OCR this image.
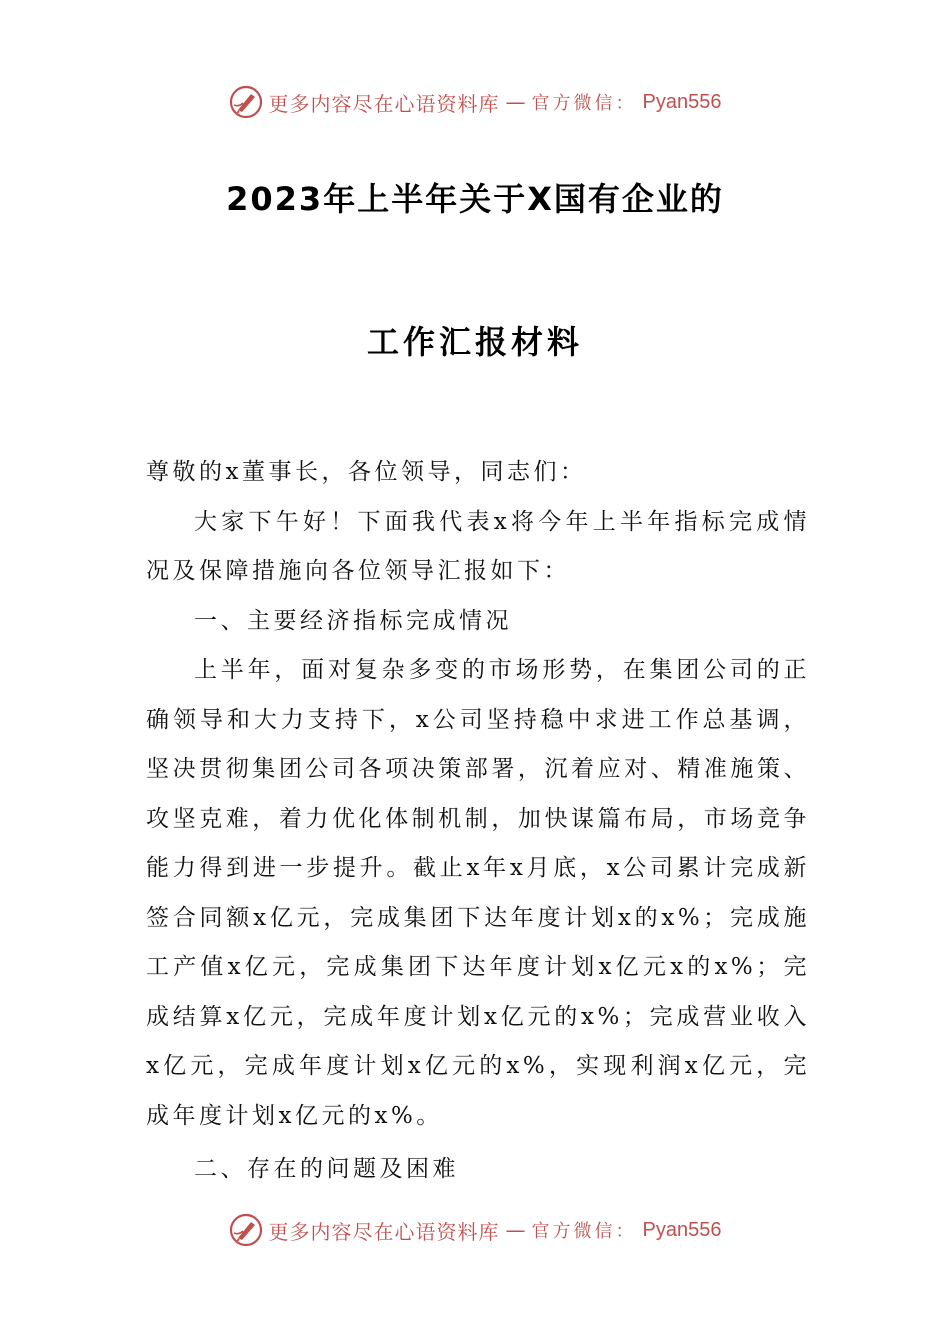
更多内容尽在心语资料库 — 官方微信： Pyan556
2023年上半年关于X国有企业的
工作汇报材料

尊敬的x董事长，各位领导，同志们：

大家下午好！下面我代表x将今年上半年指标完成情况及保障措施向各位领导汇报如下：

一、主要经济指标完成情况

上半年，面对复杂多变的市场形势，在集团公司的正确领导和大力支持下，x公司坚持稳中求进工作总基调，坚决贯彻集团公司各项决策部署，沉着应对、精准施策、攻坚克难，着力优化体制机制，加快谋篇布局，市场竞争能力得到进一步提升。截止x年x月底，x公司累计完成新签合同额x亿元，完成集团下达年度计划x的x%；完成施工产值x亿元，完成集团下达年度计划x亿元x的x%；完成结算x亿元，完成年度计划x亿元的x%；完成营业收入x亿元，完成年度计划x亿元的x%，实现利润x亿元，完成年度计划x亿元的x%。

二、存在的问题及困难

更多内容尽在心语资料库 — 官方微信： Pyan556
